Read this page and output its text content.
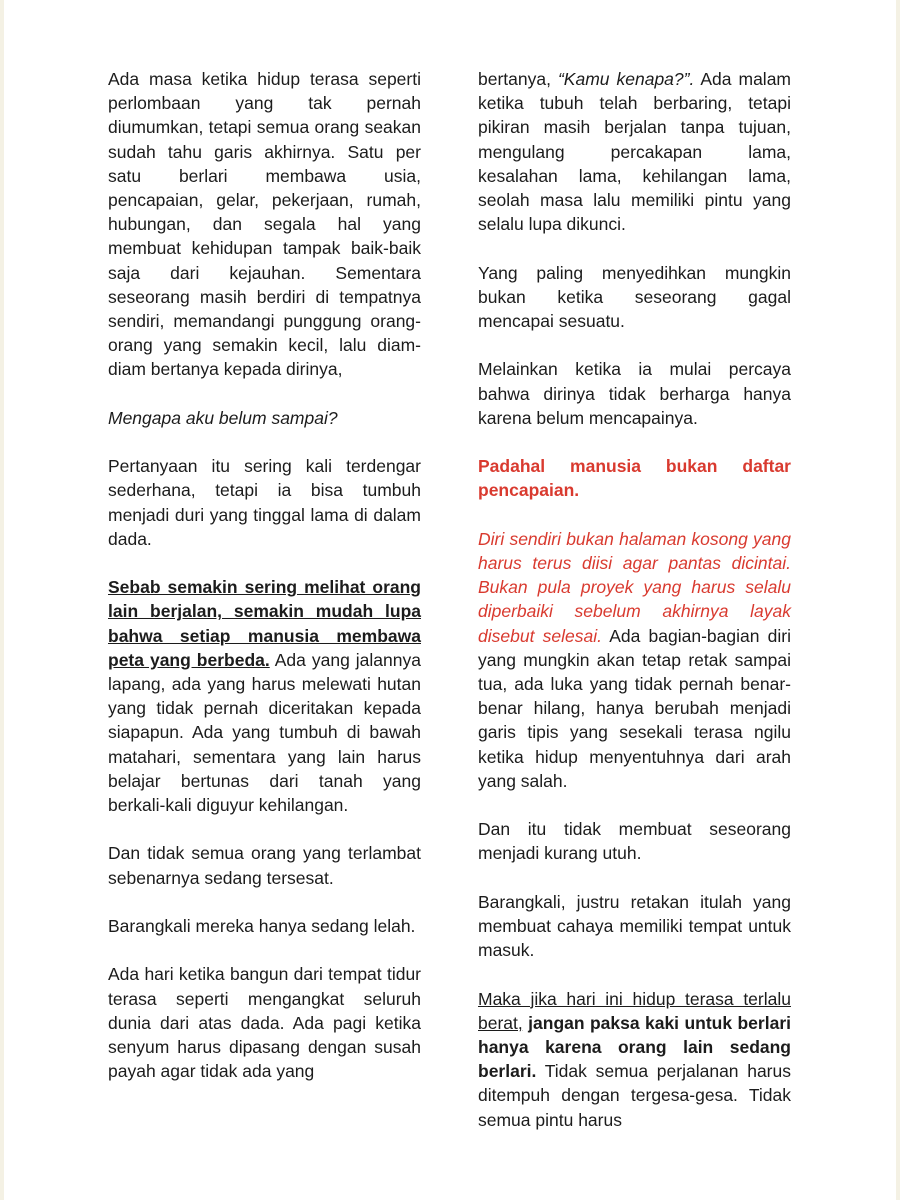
Ada masa ketika hidup terasa seperti perlombaan yang tak pernah diumumkan, tetapi semua orang seakan sudah tahu garis akhirnya. Satu per satu berlari membawa usia, pencapaian, gelar, pekerjaan, rumah, hubungan, dan segala hal yang membuat kehidupan tampak baik-baik saja dari kejauhan. Sementara seseorang masih berdiri di tempatnya sendiri, memandangi punggung orang-orang yang semakin kecil, lalu diam-diam bertanya kepada dirinya,

Mengapa aku belum sampai?

Pertanyaan itu sering kali terdengar sederhana, tetapi ia bisa tumbuh menjadi duri yang tinggal lama di dalam dada.

Sebab semakin sering melihat orang lain berjalan, semakin mudah lupa bahwa setiap manusia membawa peta yang berbeda. Ada yang jalannya lapang, ada yang harus melewati hutan yang tidak pernah diceritakan kepada siapapun. Ada yang tumbuh di bawah matahari, sementara yang lain harus belajar bertunas dari tanah yang berkali-kali diguyur kehilangan.

Dan tidak semua orang yang terlambat sebenarnya sedang tersesat.

Barangkali mereka hanya sedang lelah.

Ada hari ketika bangun dari tempat tidur terasa seperti mengangkat seluruh dunia dari atas dada. Ada pagi ketika senyum harus dipasang dengan susah payah agar tidak ada yang

bertanya, “Kamu kenapa?”. Ada malam ketika tubuh telah berbaring, tetapi pikiran masih berjalan tanpa tujuan, mengulang percakapan lama, kesalahan lama, kehilangan lama, seolah masa lalu memiliki pintu yang selalu lupa dikunci.

Yang paling menyedihkan mungkin bukan ketika seseorang gagal mencapai sesuatu.

Melainkan ketika ia mulai percaya bahwa dirinya tidak berharga hanya karena belum mencapainya.

Padahal manusia bukan daftar pencapaian.

Diri sendiri bukan halaman kosong yang harus terus diisi agar pantas dicintai. Bukan pula proyek yang harus selalu diperbaiki sebelum akhirnya layak disebut selesai. Ada bagian-bagian diri yang mungkin akan tetap retak sampai tua, ada luka yang tidak pernah benar-benar hilang, hanya berubah menjadi garis tipis yang sesekali terasa ngilu ketika hidup menyentuhnya dari arah yang salah.

Dan itu tidak membuat seseorang menjadi kurang utuh.

Barangkali, justru retakan itulah yang membuat cahaya memiliki tempat untuk masuk.

Maka jika hari ini hidup terasa terlalu berat, jangan paksa kaki untuk berlari hanya karena orang lain sedang berlari. Tidak semua perjalanan harus ditempuh dengan tergesa-gesa. Tidak semua pintu harus
